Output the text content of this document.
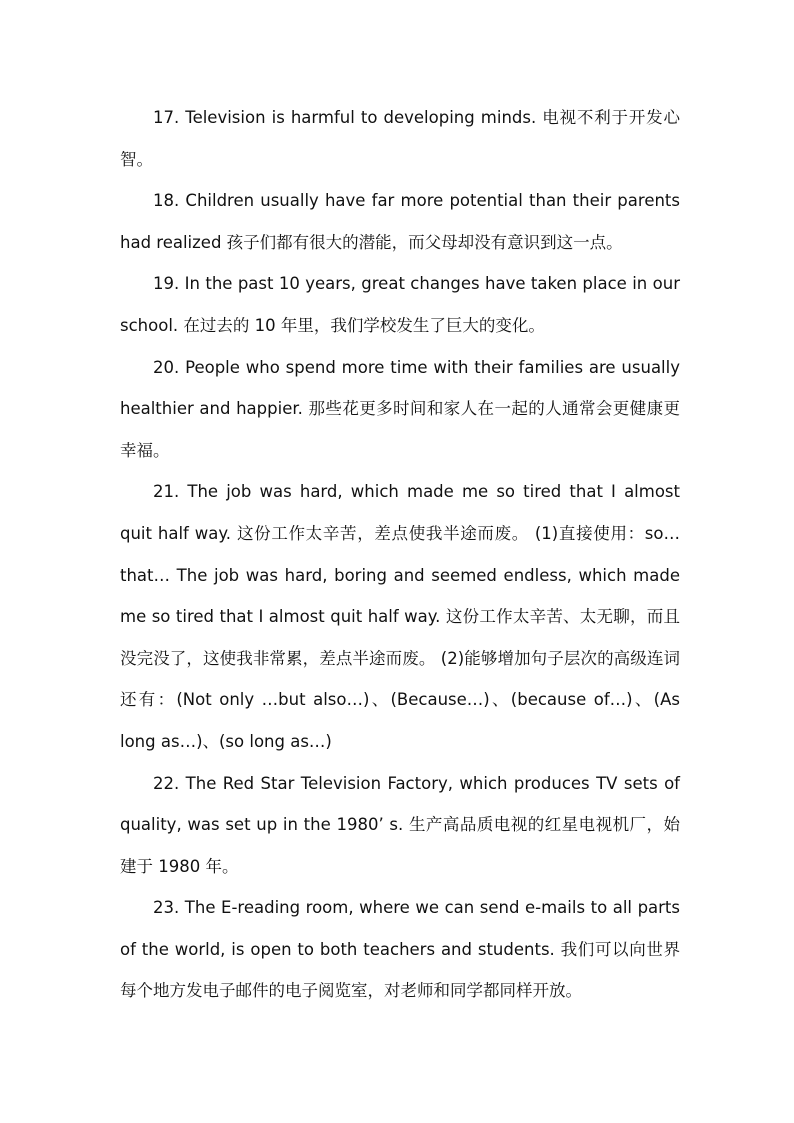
17. Television is harmful to developing minds. 电视不利于开发心智。

18. Children usually have far more potential than their parents had realized 孩子们都有很大的潜能，而父母却没有意识到这一点。

19. In the past 10 years, great changes have taken place in our school. 在过去的 10 年里，我们学校发生了巨大的变化。

20. People who spend more time with their families are usually healthier and happier. 那些花更多时间和家人在一起的人通常会更健康更幸福。

21. The job was hard, which made me so tired that I almost quit half way. 这份工作太辛苦，差点使我半途而废。 (1)直接使用：so… that… The job was hard, boring and seemed endless, which made me so tired that I almost quit half way. 这份工作太辛苦、太无聊，而且没完没了，这使我非常累，差点半途而废。 (2)能够增加句子层次的高级连词还有：(Not only …but also…)、(Because…)、(because of…)、(As long as…)、(so long as…)

22. The Red Star Television Factory, which produces TV sets of quality, was set up in the 1980’ s. 生产高品质电视的红星电视机厂，始建于 1980 年。

23. The E-reading room, where we can send e-mails to all parts of the world, is open to both teachers and students. 我们可以向世界每个地方发电子邮件的电子阅览室，对老师和同学都同样开放。
